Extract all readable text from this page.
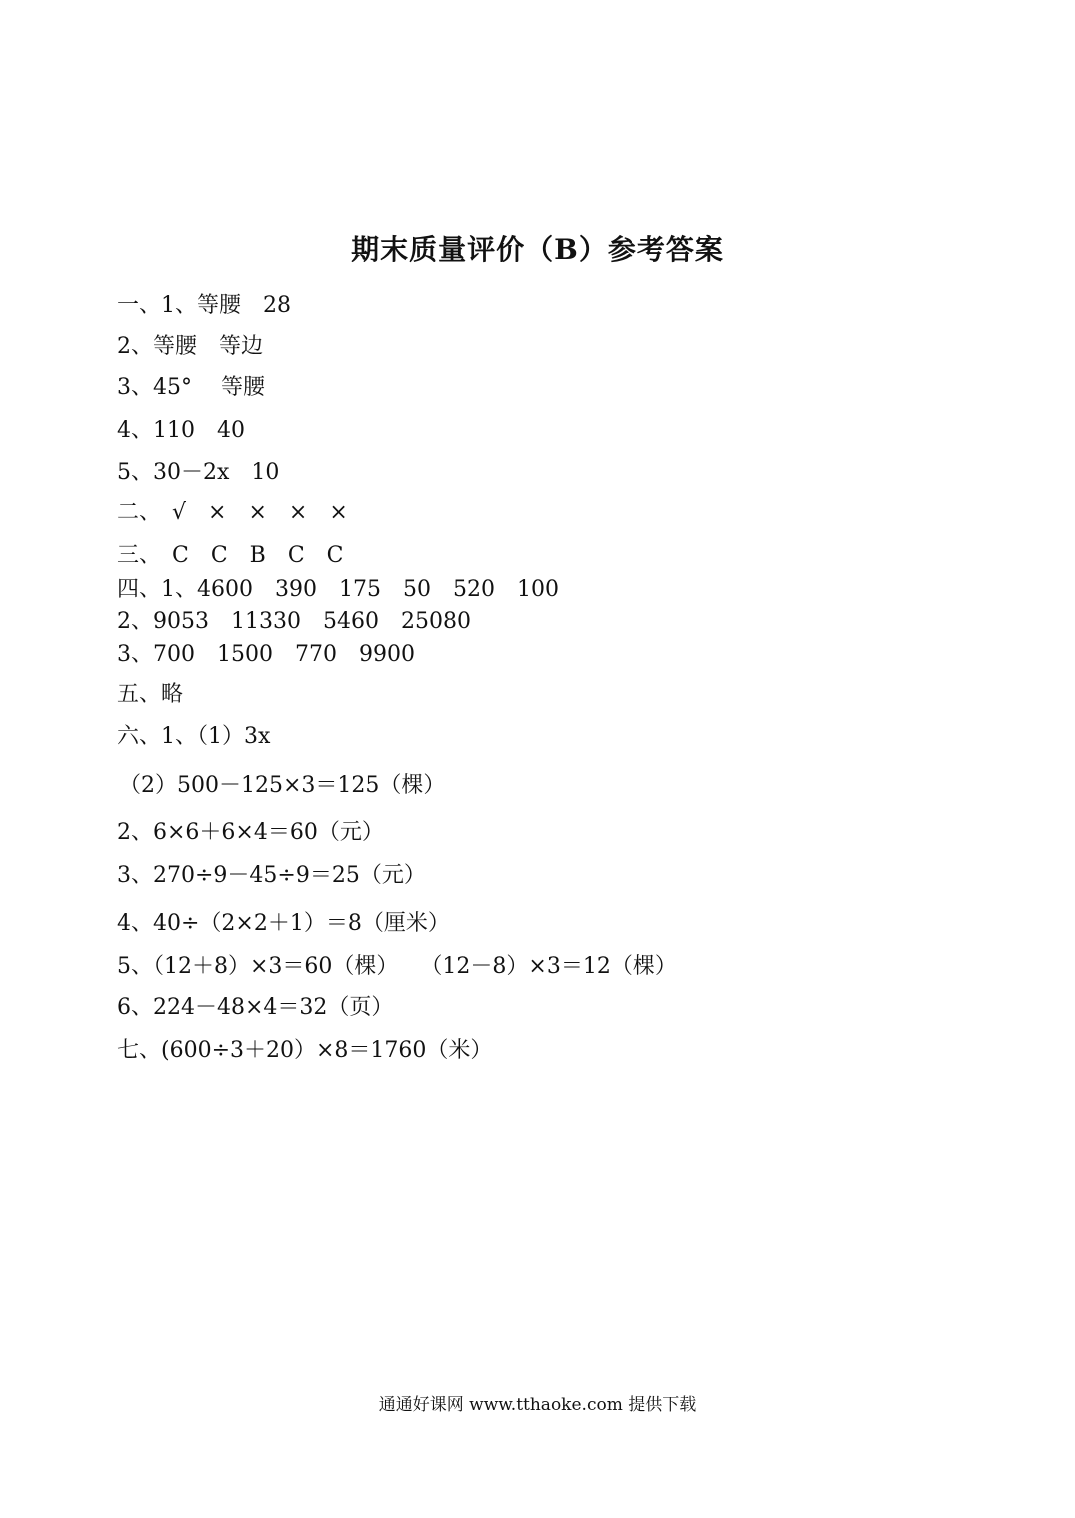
期末质量评价（B）参考答案
一、1、等腰　28
2、等腰　等边
3、45°　 等腰
4、110　40
5、30－2x　10
二、　√　×　×　×　×
三、　C　C　B　C　C
四、1、4600　390　175　50　520　100
2、9053　11330　5460　25080
3、700　1500　770　9900
五、略
六、1、（1）3x
（2）500－125×3＝125（棵）
2、6×6＋6×4＝60（元）
3、270÷9－45÷9＝25（元）
4、40÷（2×2＋1）＝8（厘米）
5、（12＋8）×3＝60（棵）　　（12－8）×3＝12（棵）
6、224－48×4＝32（页）
七、(600÷3＋20）×8＝1760（米）
通通好课网 www.tthaoke.com 提供下载
